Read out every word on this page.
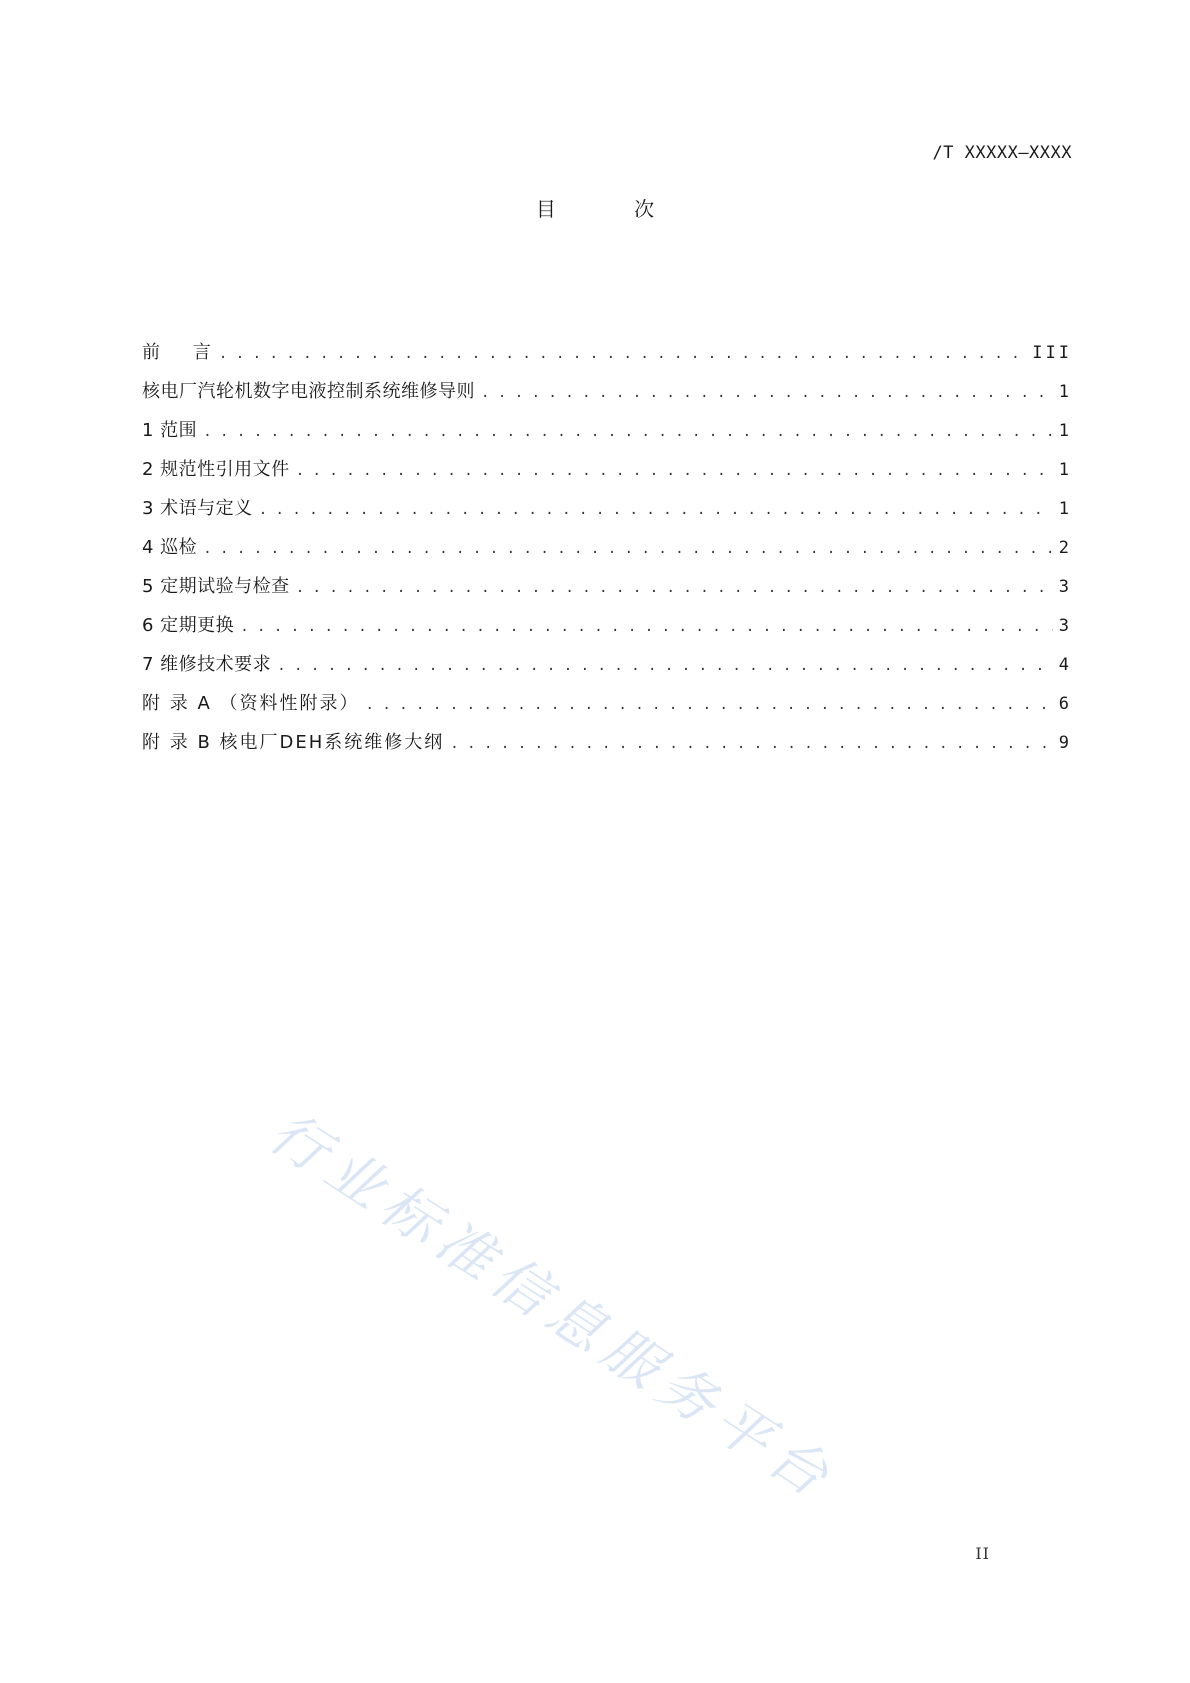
/T XXXXX—XXXX
目 次
前    言 . . .	III
核电厂汽轮机数字电液控制系统维修导则 . . .	1
1 范围 . . .	1
2 规范性引用文件 . . .	1
3 术语与定义 . . .	1
4 巡检 . . .	2
5 定期试验与检查 . . .	3
6 定期更换 . . .	3
7 维修技术要求 . . .	4
附 录 A （资料性附录） . . .	6
附 录 B 核电厂DEH系统维修大纲 . . .	9
行业标准信息服务平台
II
